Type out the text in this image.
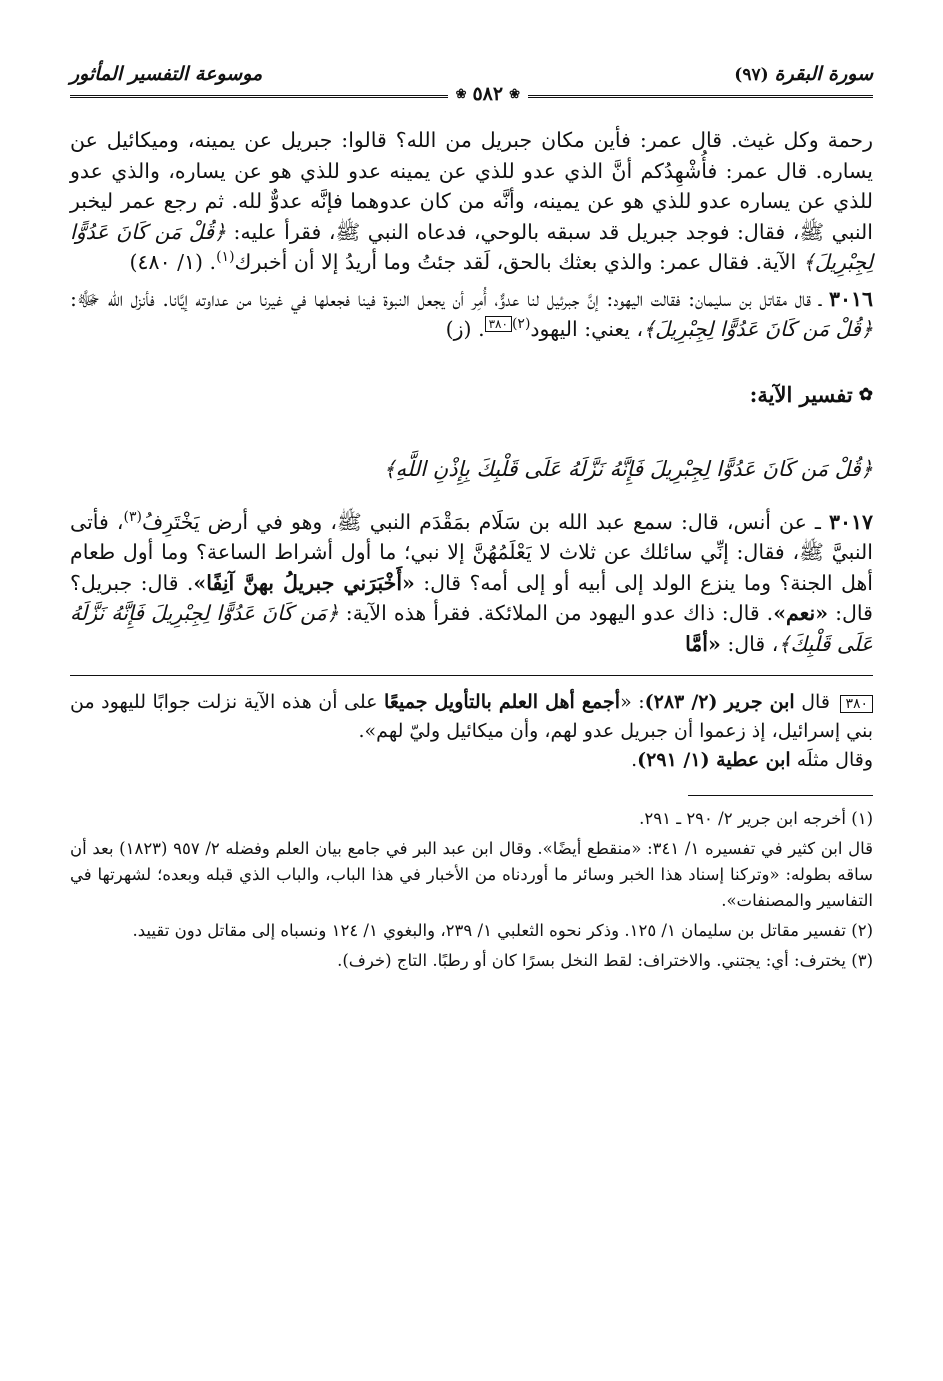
سورة البقرة(٩٧)
موسوعة التفسير المأثور
❀
٥٨٢
❀

رحمة وكل غيث. قال عمر: فأين مكان جبريل من الله؟ قالوا: جبريل عن يمينه، وميكائيل عن يساره. قال عمر: فأُشْهِدُكم أنَّ الذي عدو للذي عن يمينه عدو للذي هو عن يساره، والذي عدو للذي عن يساره عدو للذي هو عن يمينه، وأنَّه من كان عدوهما فإنَّه عدوٌّ لله. ثم رجع عمر ليخبر النبي ﷺ، فقال: فوجد جبريل قد سبقه بالوحي، فدعاه النبي ﷺ، فقرأ عليه: ﴿قُلْ مَن كَانَ عَدُوًّا لِجِبْرِيلَ﴾ الآية. فقال عمر: والذي بعثك بالحق، لَقد جئتُ وما أريدُ إلا أن أخبرك$^{(١)}$. (١/ ٤٨٠)

٣٠١٦ ـ قال مقاتل بن سليمان: فقالت اليهود: إنَّ جبرئيل لنا عدوٌّ، أُمِر أن يجعل النبوة فينا فجعلها في غيرنا من عداوته إيَّانا. فأنزل الله ﷻ: ﴿قُلْ مَن كَانَ عَدُوًّا لِجِبْرِيلَ﴾، يعني: اليهود$^{(٢)}$٣٨٠. (ز)

✿
تفسير الآية:
﴿قُلْ مَن كَانَ عَدُوًّا لِجِبْرِيلَ فَإِنَّهُ نَزَّلَهُ عَلَى قَلْبِكَ بِإِذْنِ اللَّهِ﴾

٣٠١٧ ـ عن أنس، قال: سمع عبد الله بن سَلَام بمَقْدَم النبي ﷺ، وهو في أرض يَخْتَرِفُ$^{(٣)}$، فأتى النبيَّ ﷺ، فقال: إنِّي سائلك عن ثلاث لا يَعْلَمُهُنَّ إلا نبي؛ ما أول أشراط الساعة؟ وما أول طعام أهل الجنة؟ وما ينزع الولد إلى أبيه أو إلى أمه؟ قال: «أَخْبَرَني جبريلُ بهنَّ آنِفًا». قال: جبريل؟ قال: «نعم». قال: ذاك عدو اليهود من الملائكة. فقرأ هذه الآية: ﴿مَن كَانَ عَدُوًّا لِجِبْرِيلَ فَإِنَّهُ نَزَّلَهُ عَلَى قَلْبِكَ﴾، قال: «أمَّا

٣٨٠ قال ابن جرير (٢/ ٢٨٣): «أجمع أهل العلم بالتأويل جميعًا على أن هذه الآية نزلت جوابًا لليهود من بني إسرائيل، إذ زعموا أن جبريل عدو لهم، وأن ميكائيل وليّ لهم».
وقال مثلَه ابن عطية (١/ ٢٩١).

(١) أخرجه ابن جرير ٢/ ٢٩٠ ـ ٢٩١.

قال ابن كثير في تفسيره ١/ ٣٤١: «منقطع أيضًا». وقال ابن عبد البر في جامع بيان العلم وفضله ٢/ ٩٥٧ (١٨٢٣) بعد أن ساقه بطوله: «وتركنا إسناد هذا الخبر وسائر ما أوردناه من الأخبار في هذا الباب، والباب الذي قبله وبعده؛ لشهرتها في التفاسير والمصنفات».

(٢) تفسير مقاتل بن سليمان ١/ ١٢٥. وذكر نحوه الثعلبي ١/ ٢٣٩، والبغوي ١/ ١٢٤ ونسباه إلى مقاتل دون تقييد.

(٣) يخترف: أي: يجتني. والاختراف: لقط النخل بسرًا كان أو رطبًا. التاج (خرف).
